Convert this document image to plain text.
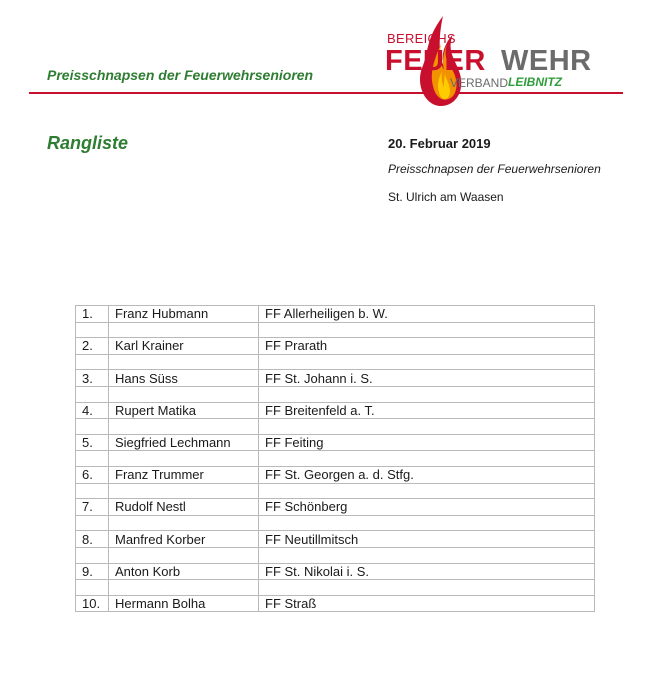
Preisschnapsen der Feuerwehrsenioren
BEREICHS
FEUER WEHR
VERBAND LEIBNITZ
Rangliste	20. Februar 2019
Preisschnapsen der Feuerwehrsenioren
St. Ulrich am Waasen
1.	Franz Hubmann	FF Allerheiligen b. W.

2.	Karl Krainer	FF Prarath

3.	Hans Süss	FF St. Johann i. S.

4.	Rupert Matika	FF Breitenfeld a. T.

5.	Siegfried Lechmann	FF Feiting

6.	Franz Trummer	FF St. Georgen a. d. Stfg.

7.	Rudolf Nestl	FF Schönberg

8.	Manfred Korber	FF Neutillmitsch

9.	Anton Korb	FF St. Nikolai i. S.

10.	Hermann Bolha	FF Straß
